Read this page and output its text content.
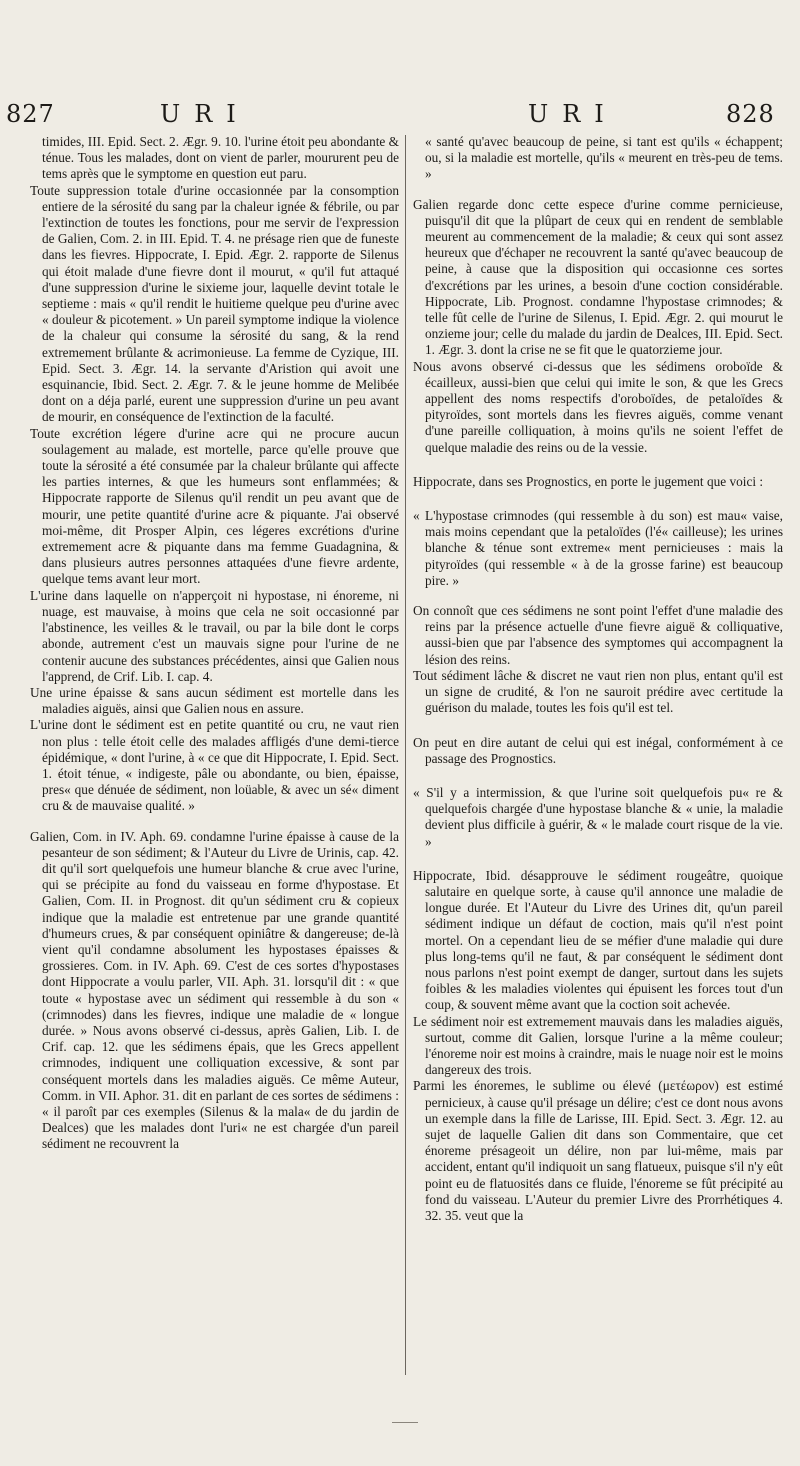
827	URI	URI	828

timides, III. Epid. Sect. 2. Ægr. 9. 10. l'urine étoit peu abondante & ténue. Tous les malades, dont on vient de parler, moururent peu de tems après que le symptome en question eut paru.

Toute suppression totale d'urine occasionnée par la consomption entiere de la sérosité du sang par la chaleur ignée & fébrile, ou par l'extinction de toutes les fonctions, pour me servir de l'expression de Galien, Com. 2. in III. Epid. T. 4. ne présage rien que de funeste dans les fievres. Hippocrate, I. Epid. Ægr. 2. rapporte de Silenus qui étoit malade d'une fievre dont il mourut, « qu'il fut attaqué d'une suppression d'urine le sixieme jour, laquelle devint totale le septieme : mais « qu'il rendit le huitieme quelque peu d'urine avec « douleur & picotement. » Un pareil symptome indique la violence de la chaleur qui consume la sérosité du sang, & la rend extremement brûlante & acrimonieuse. La femme de Cyzique, III. Epid. Sect. 3. Ægr. 14. la servante d'Aristion qui avoit une esquinancie, Ibid. Sect. 2. Ægr. 7. & le jeune homme de Melibée dont on a déja parlé, eurent une suppression d'urine un peu avant de mourir, en conséquence de l'extinction de la faculté.

Toute excrétion légere d'urine acre qui ne procure aucun soulagement au malade, est mortelle, parce qu'elle prouve que toute la sérosité a été consumée par la chaleur brûlante qui affecte les parties internes, & que les humeurs sont enflammées; & Hippocrate rapporte de Silenus qu'il rendit un peu avant que de mourir, une petite quantité d'urine acre & piquante. J'ai observé moi-même, dit Prosper Alpin, ces légeres excrétions d'urine extremement acre & piquante dans ma femme Guadagnina, & dans plusieurs autres personnes attaquées d'une fievre ardente, quelque tems avant leur mort.

L'urine dans laquelle on n'apperçoit ni hypostase, ni énoreme, ni nuage, est mauvaise, à moins que cela ne soit occasionné par l'abstinence, les veilles & le travail, ou par la bile dont le corps abonde, autrement c'est un mauvais signe pour l'urine de ne contenir aucune des substances précédentes, ainsi que Galien nous l'apprend, de Crif. Lib. I. cap. 4.

Une urine épaisse & sans aucun sédiment est mortelle dans les maladies aiguës, ainsi que Galien nous en assure.

L'urine dont le sédiment est en petite quantité ou cru, ne vaut rien non plus : telle étoit celle des malades affligés d'une demi-tierce épidémique, « dont l'urine, à « ce que dit Hippocrate, I. Epid. Sect. 1. étoit ténue, « indigeste, pâle ou abondante, ou bien, épaisse, pres« que dénuée de sédiment, non loüable, & avec un sé« diment cru & de mauvaise qualité. »

Galien, Com. in IV. Aph. 69. condamne l'urine épaisse à cause de la pesanteur de son sédiment; & l'Auteur du Livre de Urinis, cap. 42. dit qu'il sort quelquefois une humeur blanche & crue avec l'urine, qui se précipite au fond du vaisseau en forme d'hypostase. Et Galien, Com. II. in Prognost. dit qu'un sédiment cru & copieux indique que la maladie est entretenue par une grande quantité d'humeurs crues, & par conséquent opiniâtre & dangereuse; de-là vient qu'il condamne absolument les hypostases épaisses & grossieres. Com. in IV. Aph. 69. C'est de ces sortes d'hypostases dont Hippocrate a voulu parler, VII. Aph. 31. lorsqu'il dit : « que toute « hypostase avec un sédiment qui ressemble à du son « (crimnodes) dans les fievres, indique une maladie de « longue durée. » Nous avons observé ci-dessus, après Galien, Lib. I. de Crif. cap. 12. que les sédimens épais, que les Grecs appellent crimnodes, indiquent une colliquation excessive, & sont par conséquent mortels dans les maladies aiguës. Ce même Auteur, Comm. in VII. Aphor. 31. dit en parlant de ces sortes de sédimens : « il paroît par ces exemples (Silenus & la mala« de du jardin de Dealces) que les malades dont l'uri« ne est chargée d'un pareil sédiment ne recouvrent la

« santé qu'avec beaucoup de peine, si tant est qu'ils « échappent; ou, si la maladie est mortelle, qu'ils « meurent en très-peu de tems. »

Galien regarde donc cette espece d'urine comme pernicieuse, puisqu'il dit que la plûpart de ceux qui en rendent de semblable meurent au commencement de la maladie; & ceux qui sont assez heureux que d'échaper ne recouvrent la santé qu'avec beaucoup de peine, à cause que la disposition qui occasionne ces sortes d'excrétions par les urines, a besoin d'une coction considérable. Hippocrate, Lib. Prognost. condamne l'hypostase crimnodes; & telle fût celle de l'urine de Silenus, I. Epid. Ægr. 2. qui mourut le onzieme jour; celle du malade du jardin de Dealces, III. Epid. Sect. 1. Ægr. 3. dont la crise ne se fit que le quatorzieme jour.

Nous avons observé ci-dessus que les sédimens oroboïde & écailleux, aussi-bien que celui qui imite le son, & que les Grecs appellent des noms respectifs d'oroboïdes, de petaloïdes & pityroïdes, sont mortels dans les fievres aiguës, comme venant d'une pareille colliquation, à moins qu'ils ne soient l'effet de quelque maladie des reins ou de la vessie.

Hippocrate, dans ses Prognostics, en porte le jugement que voici :

« L'hypostase crimnodes (qui ressemble à du son) est mau« vaise, mais moins cependant que la petaloïdes (l'é« cailleuse); les urines blanche & ténue sont extreme« ment pernicieuses : mais la pityroïdes (qui ressemble « à de la grosse farine) est beaucoup pire. »

On connoît que ces sédimens ne sont point l'effet d'une maladie des reins par la présence actuelle d'une fievre aiguë & colliquative, aussi-bien que par l'absence des symptomes qui accompagnent la lésion des reins.

Tout sédiment lâche & discret ne vaut rien non plus, entant qu'il est un signe de crudité, & l'on ne sauroit prédire avec certitude la guérison du malade, toutes les fois qu'il est tel.

On peut en dire autant de celui qui est inégal, conformément à ce passage des Prognostics.

« S'il y a intermission, & que l'urine soit quelquefois pu« re & quelquefois chargée d'une hypostase blanche & « unie, la maladie devient plus difficile à guérir, & « le malade court risque de la vie. »

Hippocrate, Ibid. désapprouve le sédiment rougeâtre, quoique salutaire en quelque sorte, à cause qu'il annonce une maladie de longue durée. Et l'Auteur du Livre des Urines dit, qu'un pareil sédiment indique un défaut de coction, mais qu'il n'est point mortel. On a cependant lieu de se méfier d'une maladie qui dure plus long-tems qu'il ne faut, & par conséquent le sédiment dont nous parlons n'est point exempt de danger, surtout dans les sujets foibles & les maladies violentes qui épuisent les forces tout d'un coup, & souvent même avant que la coction soit achevée.

Le sédiment noir est extremement mauvais dans les maladies aiguës, surtout, comme dit Galien, lorsque l'urine a la même couleur; l'énoreme noir est moins à craindre, mais le nuage noir est le moins dangereux des trois.

Parmi les énoremes, le sublime ou élevé (μετέωρον) est estimé pernicieux, à cause qu'il présage un délire; c'est ce dont nous avons un exemple dans la fille de Larisse, III. Epid. Sect. 3. Ægr. 12. au sujet de laquelle Galien dit dans son Commentaire, que cet énoreme présageoit un délire, non par lui-même, mais par accident, entant qu'il indiquoit un sang flatueux, puisque s'il n'y eût point eu de flatuosités dans ce fluide, l'énoreme se fût précipité au fond du vaisseau. L'Auteur du premier Livre des Prorrhétiques 4. 32. 35. veut que la
